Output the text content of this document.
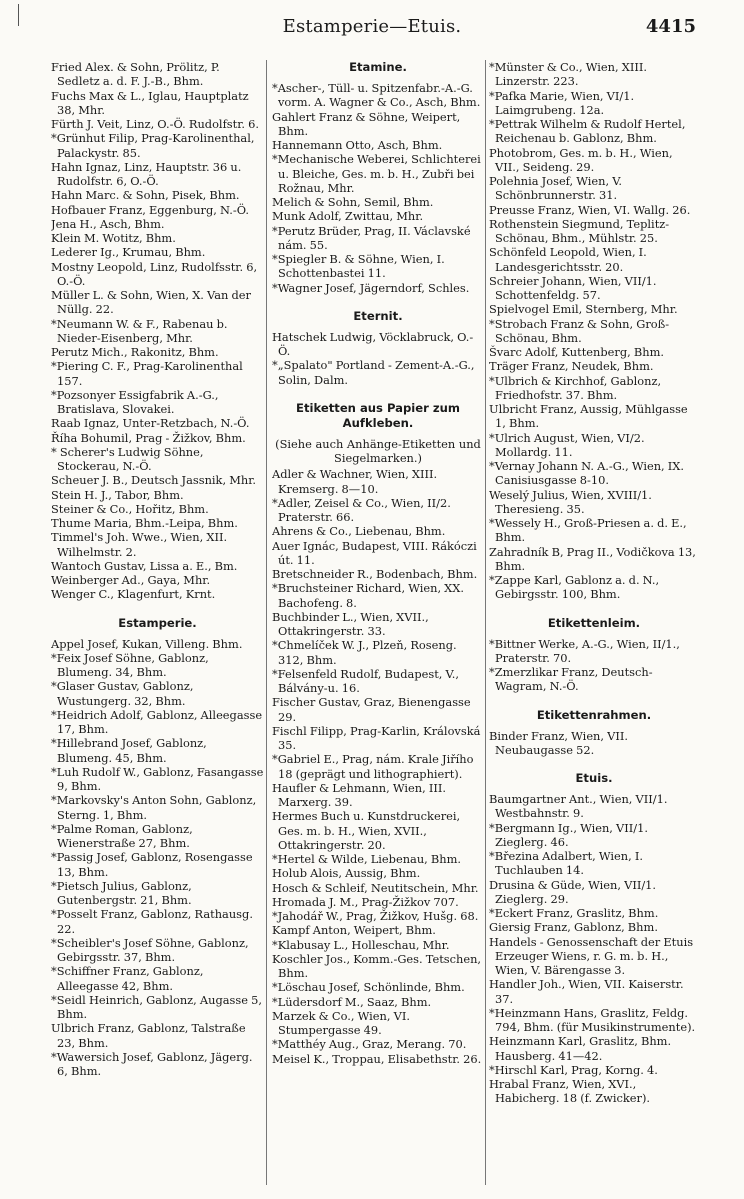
Estamperie—Etuis.	4415
Fried Alex. & Sohn, Prölitz, P. Sedletz a. d. F. J.-B., Bhm.
Fuchs Max & L., Iglau, Hauptplatz 38, Mhr.
Fürth J. Veit, Linz, O.-Ö. Rudolfstr. 6.
*Grünhut Filip, Prag-Karolinenthal, Palackystr. 85.
Hahn Ignaz, Linz, Hauptstr. 36 u. Rudolfstr. 6, O.-Ö.
Hahn Marc. & Sohn, Pisek, Bhm.
Hofbauer Franz, Eggenburg, N.-Ö.
Jena H., Asch, Bhm.
Klein M. Wotitz, Bhm.
Lederer Ig., Krumau, Bhm.
Mostny Leopold, Linz, Rudolfsstr. 6, O.-Ö.
Müller L. & Sohn, Wien, X. Van der Nüllg. 22.
*Neumann W. & F., Rabenau b. Nieder-Eisenberg, Mhr.
Perutz Mich., Rakonitz, Bhm.
*Piering C. F., Prag-Karolinenthal 157.
*Pozsonyer Essigfabrik A.-G., Bratislava, Slovakei.
Raab Ignaz, Unter-Retzbach, N.-Ö.
Říha Bohumil, Prag - Žižkov, Bhm.
* Scherer's Ludwig Söhne, Stockerau, N.-Ö.
Scheuer J. B., Deutsch Jassnik, Mhr.
Stein H. J., Tabor, Bhm.
Steiner & Co., Hořitz, Bhm.
Thume Maria, Bhm.-Leipa, Bhm.
Timmel's Joh. Wwe., Wien, XII. Wilhelmstr. 2.
Wantoch Gustav, Lissa a. E., Bm.
Weinberger Ad., Gaya, Mhr.
Wenger C., Klagenfurt, Krnt.
Estamperie.
Appel Josef, Kukan, Villeng. Bhm.
*Feix Josef Söhne, Gablonz, Blumeng. 34, Bhm.
*Glaser Gustav, Gablonz, Wustungerg. 32, Bhm.
*Heidrich Adolf, Gablonz, Alleegasse 17, Bhm.
*Hillebrand Josef, Gablonz, Blumeng. 45, Bhm.
*Luh Rudolf W., Gablonz, Fasangasse 9, Bhm.
*Markovsky's Anton Sohn, Gablonz, Sterng. 1, Bhm.
*Palme Roman, Gablonz, Wienerstraße 27, Bhm.
*Passig Josef, Gablonz, Rosengasse 13, Bhm.
*Pietsch Julius, Gablonz, Gutenbergstr. 21, Bhm.
*Posselt Franz, Gablonz, Rathausg. 22.
*Scheibler's Josef Söhne, Gablonz, Gebirgsstr. 37, Bhm.
*Schiffner Franz, Gablonz, Alleegasse 42, Bhm.
*Seidl Heinrich, Gablonz, Augasse 5, Bhm.
Ulbrich Franz, Gablonz, Talstraße 23, Bhm.
*Wawersich Josef, Gablonz, Jägerg. 6, Bhm.
Etamine.
*Ascher-, Tüll- u. Spitzenfabr.-A.-G. vorm. A. Wagner & Co., Asch, Bhm.
Gahlert Franz & Söhne, Weipert, Bhm.
Hannemann Otto, Asch, Bhm.
*Mechanische Weberei, Schlichterei u. Bleiche, Ges. m. b. H., Zubři bei Rožnau, Mhr.
Melich & Sohn, Semil, Bhm.
Munk Adolf, Zwittau, Mhr.
*Perutz Brüder, Prag, II. Václavské nám. 55.
*Spiegler B. & Söhne, Wien, I. Schottenbastei 11.
*Wagner Josef, Jägerndorf, Schles.
Eternit.
Hatschek Ludwig, Vöcklabruck, O.-Ö.
*„Spalato" Portland - Zement-A.-G., Solin, Dalm.
Etiketten aus Papier zum Aufkleben.
(Siehe auch Anhänge-Etiketten und Siegelmarken.)
Adler & Wachner, Wien, XIII. Kremserg. 8—10.
*Adler, Zeisel & Co., Wien, II/2. Praterstr. 66.
Ahrens & Co., Liebenau, Bhm.
Auer Ignác, Budapest, VIII. Rákóczi út. 11.
Bretschneider R., Bodenbach, Bhm.
*Bruchsteiner Richard, Wien, XX. Bachofeng. 8.
Buchbinder L., Wien, XVII., Ottakringerstr. 33.
*Chmelíček W. J., Plzeň, Roseng. 312, Bhm.
*Felsenfeld Rudolf, Budapest, V., Bálvány-u. 16.
Fischer Gustav, Graz, Bienengasse 29.
Fischl Filipp, Prag-Karlin, Královská 35.
*Gabriel E., Prag, nám. Krale Jiřího 18 (geprägt und lithographiert).
Haufler & Lehmann, Wien, III. Marxerg. 39.
Hermes Buch u. Kunstdruckerei, Ges. m. b. H., Wien, XVII., Ottakringerstr. 20.
*Hertel & Wilde, Liebenau, Bhm.
Holub Alois, Aussig, Bhm.
Hosch & Schleif, Neutitschein, Mhr.
Hromada J. M., Prag-Žižkov 707.
*Jahodář W., Prag, Žižkov, Hušg. 68.
Kampf Anton, Weipert, Bhm.
*Klabusay L., Holleschau, Mhr.
Koschler Jos., Komm.-Ges. Tetschen, Bhm.
*Löschau Josef, Schönlinde, Bhm.
*Lüdersdorf M., Saaz, Bhm.
Marzek & Co., Wien, VI. Stumpergasse 49.
*Matthéy Aug., Graz, Merang. 70.
Meisel K., Troppau, Elisabethstr. 26.
*Münster & Co., Wien, XIII. Linzerstr. 223.
*Pafka Marie, Wien, VI/1. Laimgrubeng. 12a.
*Pettrak Wilhelm & Rudolf Hertel, Reichenau b. Gablonz, Bhm.
Photobrom, Ges. m. b. H., Wien, VII., Seideng. 29.
Polehnia Josef, Wien, V. Schönbrunnerstr. 31.
Preusse Franz, Wien, VI. Wallg. 26.
Rothenstein Siegmund, Teplitz-Schönau, Bhm., Mühlstr. 25.
Schönfeld Leopold, Wien, I. Landesgerichtsstr. 20.
Schreier Johann, Wien, VII/1. Schottenfeldg. 57.
Spielvogel Emil, Sternberg, Mhr.
*Strobach Franz & Sohn, Groß-Schönau, Bhm.
Švarc Adolf, Kuttenberg, Bhm.
Träger Franz, Neudek, Bhm.
*Ulbrich & Kirchhof, Gablonz, Friedhofstr. 37. Bhm.
Ulbricht Franz, Aussig, Mühlgasse 1, Bhm.
*Ulrich August, Wien, VI/2. Mollardg. 11.
*Vernay Johann N. A.-G., Wien, IX. Canisiusgasse 8-10.
Weselý Julius, Wien, XVIII/1. Theresieng. 35.
*Wessely H., Groß-Priesen a. d. E., Bhm.
Zahradník B, Prag II., Vodičkova 13, Bhm.
*Zappe Karl, Gablonz a. d. N., Gebirgsstr. 100, Bhm.
Etikettenleim.
*Bittner Werke, A.-G., Wien, II/1., Praterstr. 70.
*Zmerzlikar Franz, Deutsch-Wagram, N.-Ö.
Etikettenrahmen.
Binder Franz, Wien, VII. Neubaugasse 52.
Etuis.
Baumgartner Ant., Wien, VII/1. Westbahnstr. 9.
*Bergmann Ig., Wien, VII/1. Zieglerg. 46.
*Březina Adalbert, Wien, I. Tuchlauben 14.
Drusina & Güde, Wien, VII/1. Zieglerg. 29.
*Eckert Franz, Graslitz, Bhm.
Giersig Franz, Gablonz, Bhm.
Handels - Genossenschaft der Etuis Erzeuger Wiens, r. G. m. b. H., Wien, V. Bärengasse 3.
Handler Joh., Wien, VII. Kaiserstr. 37.
*Heinzmann Hans, Graslitz, Feldg. 794, Bhm. (für Musikinstrumente).
Heinzmann Karl, Graslitz, Bhm. Hausberg. 41—42.
*Hirschl Karl, Prag, Korng. 4.
Hrabal Franz, Wien, XVI., Habicherg. 18 (f. Zwicker).
